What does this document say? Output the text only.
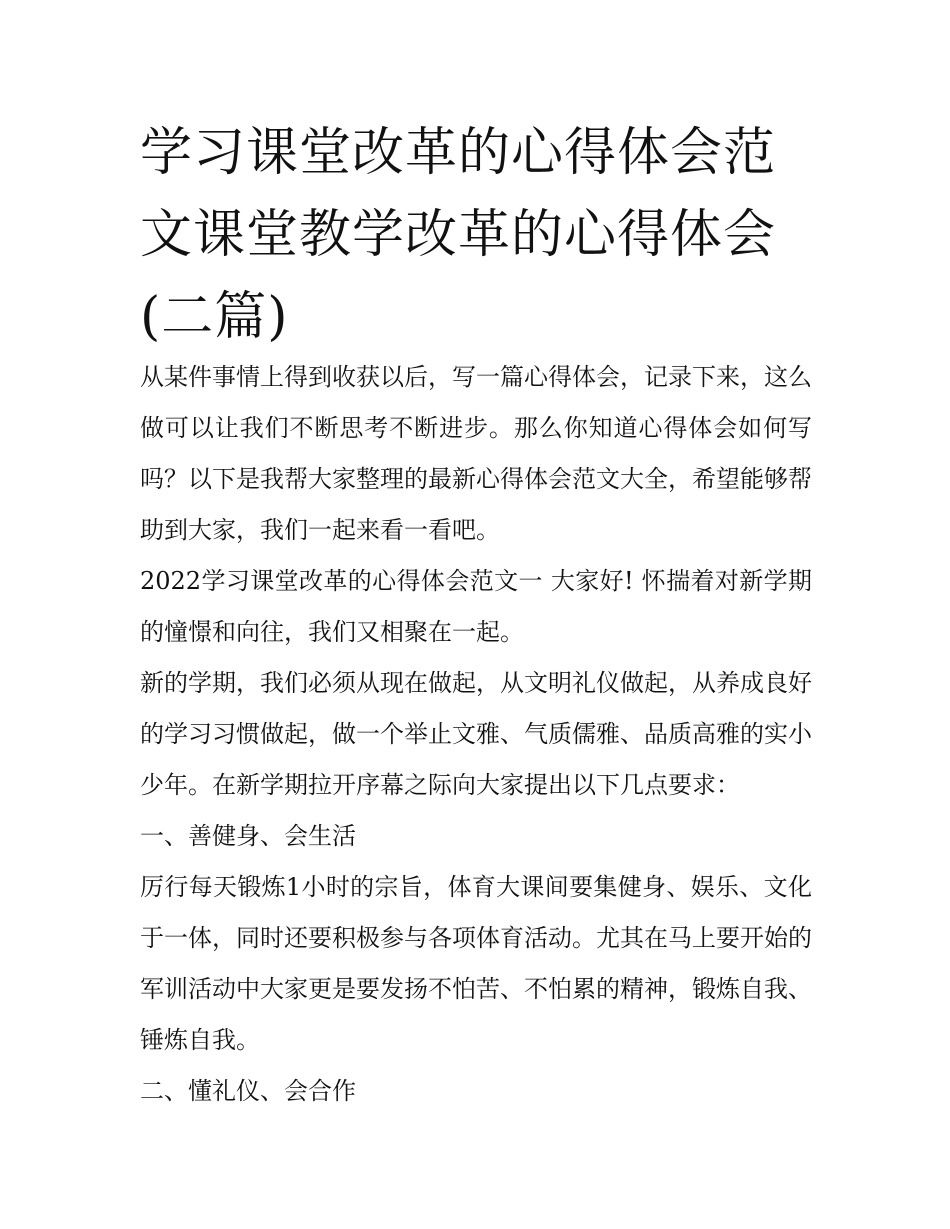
学习课堂改革的心得体会范文课堂教学改革的心得体会(二篇)

从某件事情上得到收获以后，写一篇心得体会，记录下来，这么做可以让我们不断思考不断进步。那么你知道心得体会如何写吗？以下是我帮大家整理的最新心得体会范文大全，希望能够帮助到大家，我们一起来看一看吧。

2022学习课堂改革的心得体会范文一 大家好! 怀揣着对新学期的憧憬和向往，我们又相聚在一起。

新的学期，我们必须从现在做起，从文明礼仪做起，从养成良好的学习习惯做起，做一个举止文雅、气质儒雅、品质高雅的实小少年。在新学期拉开序幕之际向大家提出以下几点要求：

一、善健身、会生活

厉行每天锻炼1小时的宗旨，体育大课间要集健身、娱乐、文化于一体，同时还要积极参与各项体育活动。尤其在马上要开始的军训活动中大家更是要发扬不怕苦、不怕累的精神，锻炼自我、锤炼自我。

二、懂礼仪、会合作
